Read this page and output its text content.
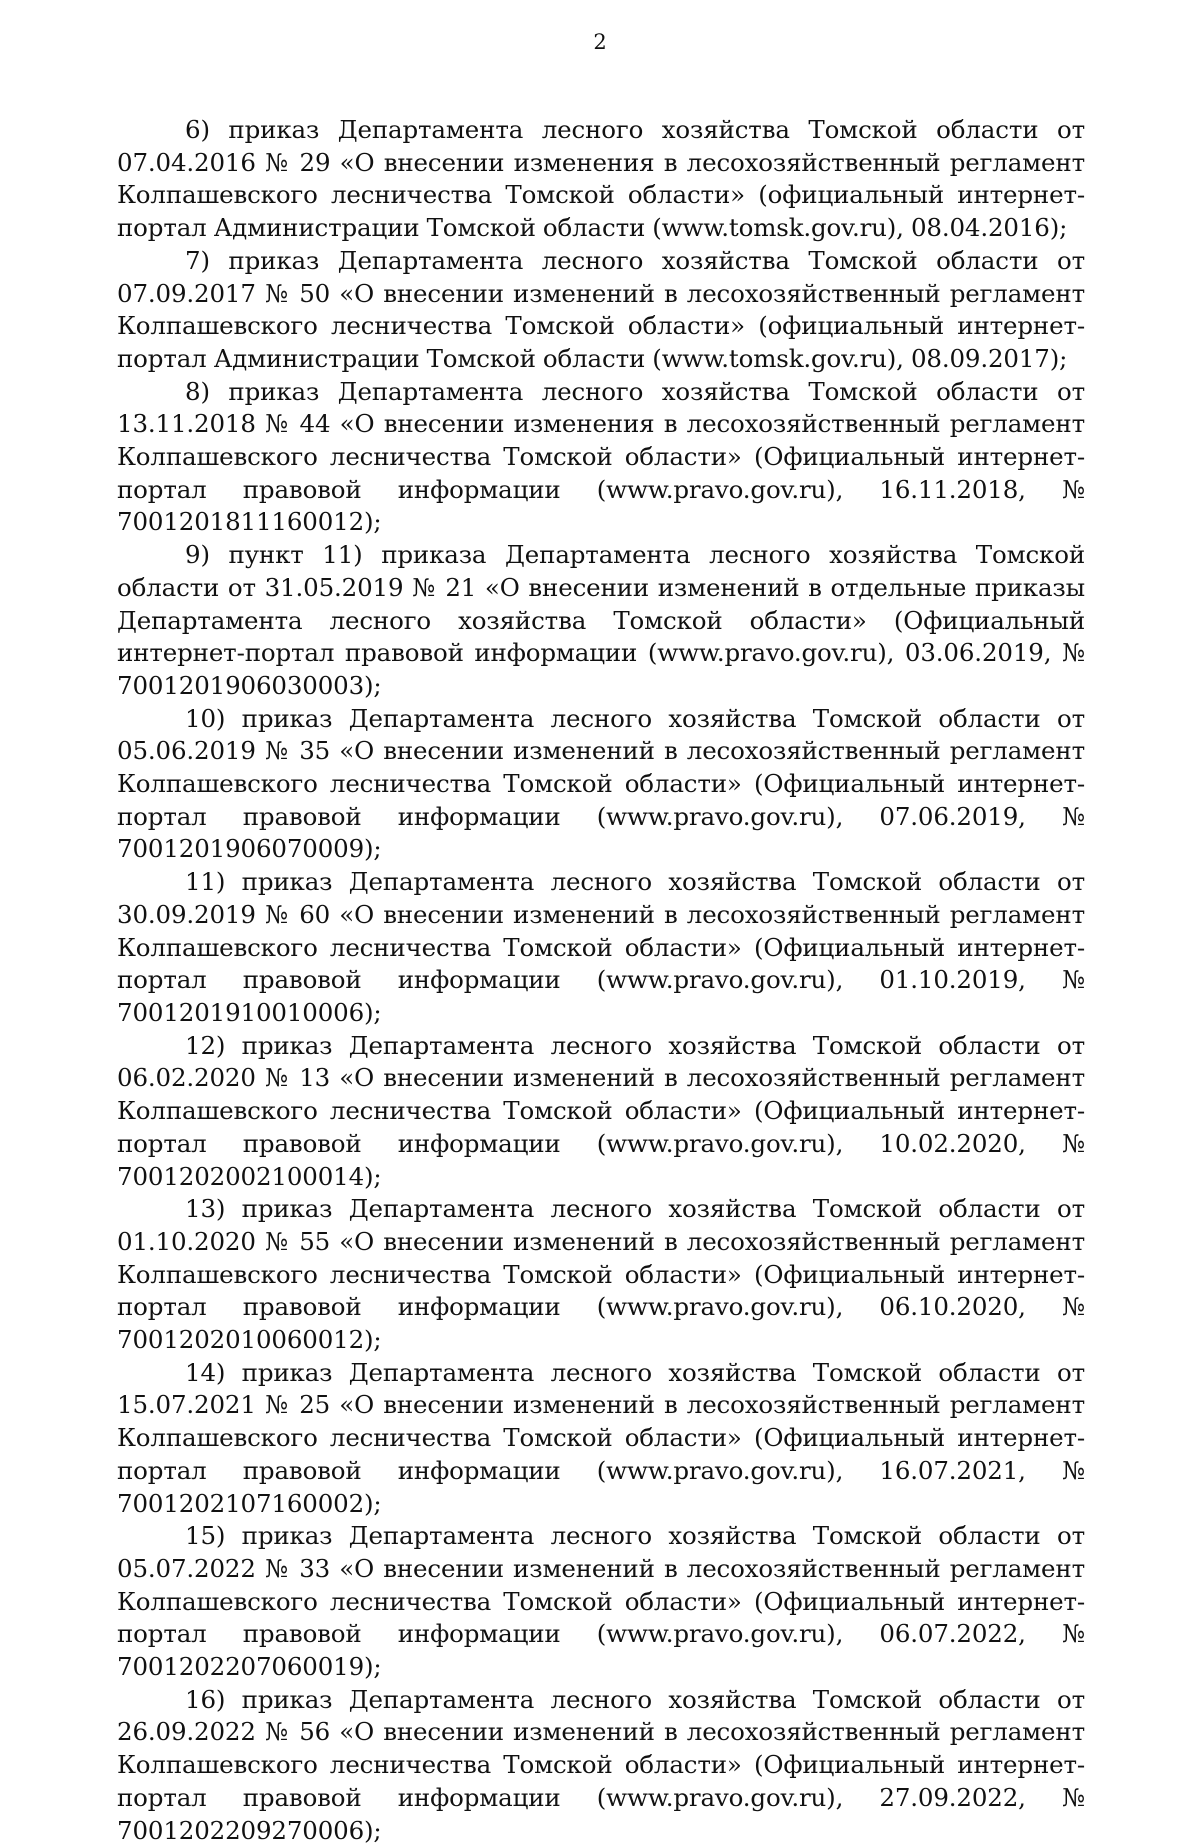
2

6) приказ Департамента лесного хозяйства Томской области от 07.04.2016 № 29 «О внесении изменения в лесохозяйственный регламент Колпашевского лесничества Томской области» (официальный интернет-портал Администрации Томской области (www.tomsk.gov.ru), 08.04.2016);

7) приказ Департамента лесного хозяйства Томской области от 07.09.2017 № 50 «О внесении изменений в лесохозяйственный регламент Колпашевского лесничества Томской области» (официальный интернет-портал Администрации Томской области (www.tomsk.gov.ru), 08.09.2017);

8) приказ Департамента лесного хозяйства Томской области от 13.11.2018 № 44 «О внесении изменения в лесохозяйственный регламент Колпашевского лесничества Томской области» (Официальный интернет-портал правовой информации (www.pravo.gov.ru), 16.11.2018, № 7001201811160012);

9) пункт 11) приказа Департамента лесного хозяйства Томской области от 31.05.2019 № 21 «О внесении изменений в отдельные приказы Департамента лесного хозяйства Томской области» (Официальный интернет-портал правовой информации (www.pravo.gov.ru), 03.06.2019, № 7001201906030003);

10) приказ Департамента лесного хозяйства Томской области от 05.06.2019 № 35 «О внесении изменений в лесохозяйственный регламент Колпашевского лесничества Томской области» (Официальный интернет-портал правовой информации (www.pravo.gov.ru), 07.06.2019, № 7001201906070009);

11) приказ Департамента лесного хозяйства Томской области от 30.09.2019 № 60 «О внесении изменений в лесохозяйственный регламент Колпашевского лесничества Томской области» (Официальный интернет-портал правовой информации (www.pravo.gov.ru), 01.10.2019, № 7001201910010006);

12) приказ Департамента лесного хозяйства Томской области от 06.02.2020 № 13 «О внесении изменений в лесохозяйственный регламент Колпашевского лесничества Томской области» (Официальный интернет-портал правовой информации (www.pravo.gov.ru), 10.02.2020, № 7001202002100014);

13) приказ Департамента лесного хозяйства Томской области от 01.10.2020 № 55 «О внесении изменений в лесохозяйственный регламент Колпашевского лесничества Томской области» (Официальный интернет-портал правовой информации (www.pravo.gov.ru), 06.10.2020, № 7001202010060012);

14) приказ Департамента лесного хозяйства Томской области от 15.07.2021 № 25 «О внесении изменений в лесохозяйственный регламент Колпашевского лесничества Томской области» (Официальный интернет-портал правовой информации (www.pravo.gov.ru), 16.07.2021, № 7001202107160002);

15) приказ Департамента лесного хозяйства Томской области от 05.07.2022 № 33 «О внесении изменений в лесохозяйственный регламент Колпашевского лесничества Томской области» (Официальный интернет-портал правовой информации (www.pravo.gov.ru), 06.07.2022, № 7001202207060019);

16) приказ Департамента лесного хозяйства Томской области от 26.09.2022 № 56 «О внесении изменений в лесохозяйственный регламент Колпашевского лесничества Томской области» (Официальный интернет-портал правовой информации (www.pravo.gov.ru), 27.09.2022, № 7001202209270006);
